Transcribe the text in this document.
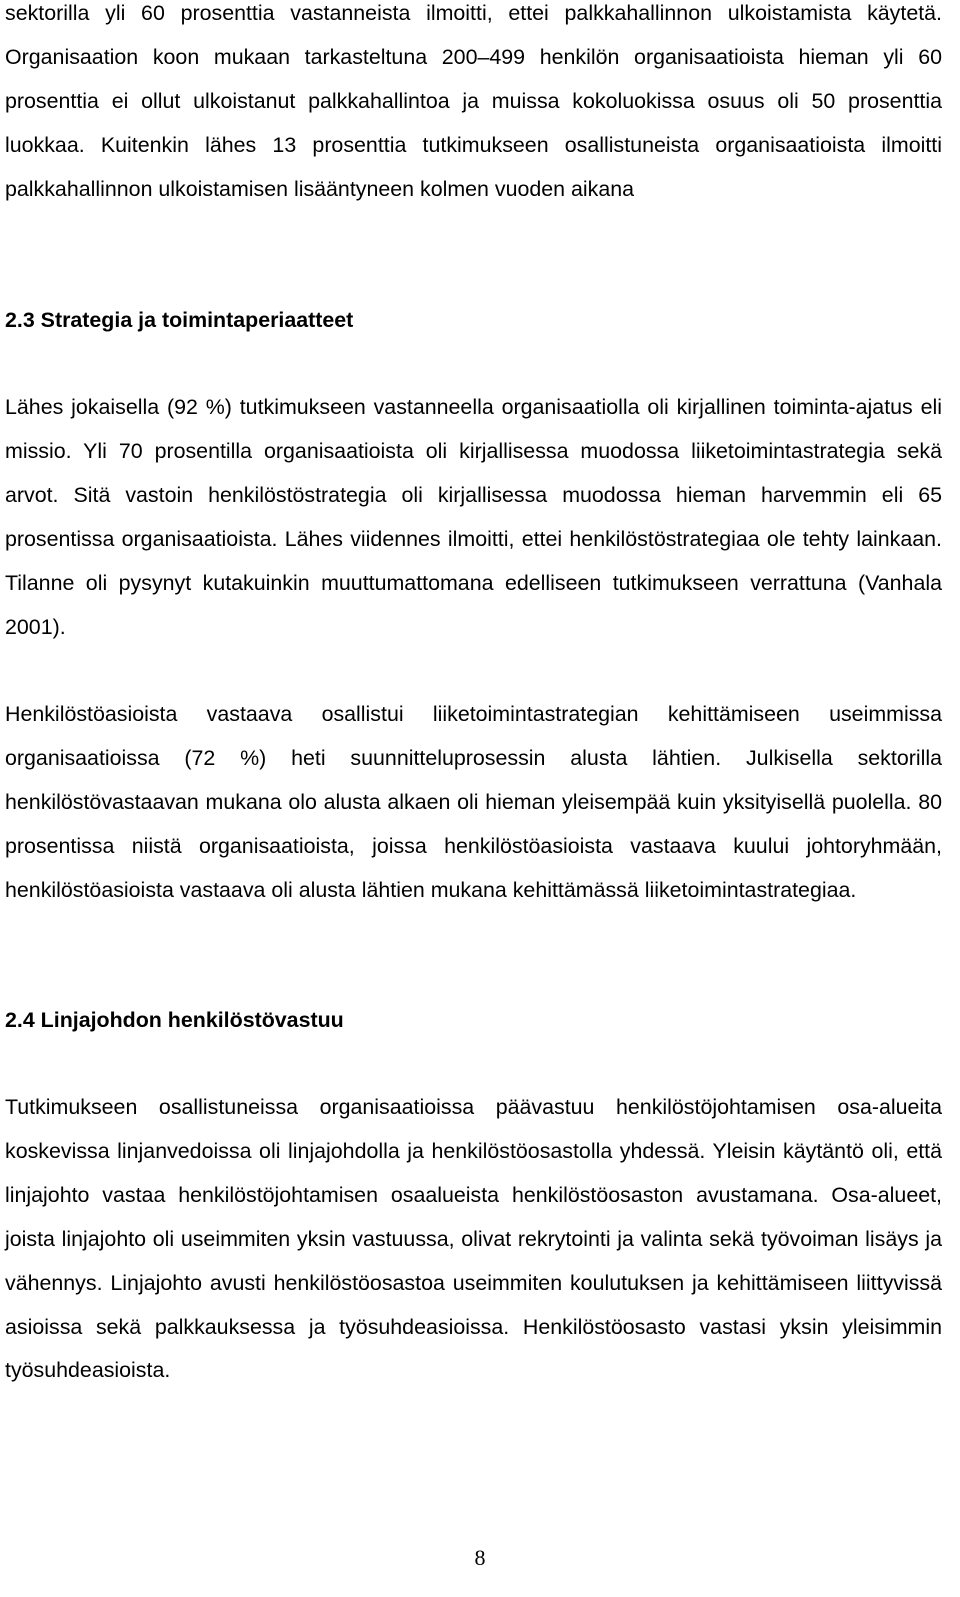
sektorilla yli 60 prosenttia vastanneista ilmoitti, ettei palkkahallinnon ulkoistamista käytetä. Organisaation koon mukaan tarkasteltuna 200–499 henkilön organisaatioista hieman yli 60 prosenttia ei ollut ulkoistanut palkkahallintoa ja muissa kokoluokissa osuus oli 50 prosenttia luokkaa. Kuitenkin lähes 13 prosenttia tutkimukseen osallistuneista organisaatioista ilmoitti palkkahallinnon ulkoistamisen lisääntyneen kolmen vuoden aikana

2.3 Strategia ja toimintaperiaatteet

Lähes jokaisella (92 %) tutkimukseen vastanneella organisaatiolla oli kirjallinen toiminta-ajatus eli missio. Yli 70 prosentilla organisaatioista oli kirjallisessa muodossa liiketoimintastrategia sekä arvot. Sitä vastoin henkilöstöstrategia oli kirjallisessa muodossa hieman harvemmin eli 65 prosentissa organisaatioista. Lähes viidennes ilmoitti, ettei henkilöstöstrategiaa ole tehty lainkaan. Tilanne oli pysynyt kutakuinkin muuttumattomana edelliseen tutkimukseen verrattuna (Vanhala 2001).

Henkilöstöasioista vastaava osallistui liiketoimintastrategian kehittämiseen useimmissa organisaatioissa (72 %) heti suunnitteluprosessin alusta lähtien. Julkisella sektorilla henkilöstövastaavan mukana olo alusta alkaen oli hieman yleisempää kuin yksityisellä puolella. 80 prosentissa niistä organisaatioista, joissa henkilöstöasioista vastaava kuului johtoryhmään, henkilöstöasioista vastaava oli alusta lähtien mukana kehittämässä liiketoimintastrategiaa.

2.4 Linjajohdon henkilöstövastuu

Tutkimukseen osallistuneissa organisaatioissa päävastuu henkilöstöjohtamisen osa-alueita koskevissa linjanvedoissa oli linjajohdolla ja henkilöstöosastolla yhdessä. Yleisin käytäntö oli, että linjajohto vastaa henkilöstöjohtamisen osaalueista henkilöstöosaston avustamana. Osa-alueet, joista linjajohto oli useimmiten yksin vastuussa, olivat rekrytointi ja valinta sekä työvoiman lisäys ja vähennys. Linjajohto avusti henkilöstöosastoa useimmiten koulutuksen ja kehittämiseen liittyvissä asioissa sekä palkkauksessa ja työsuhdeasioissa. Henkilöstöosasto vastasi yksin yleisimmin työsuhdeasioista.

8
